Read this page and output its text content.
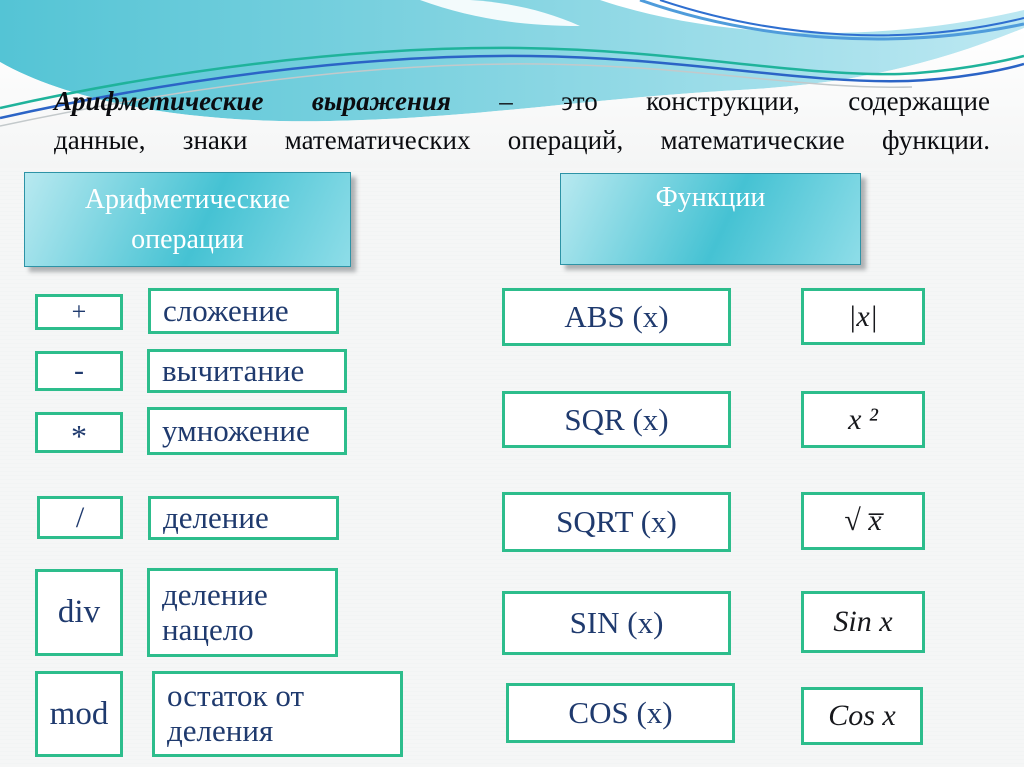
Арифметические выражения – это конструкции, содержащие
данные, знаки математических операций, математические функции.
Арифметические операции
Функции
+	сложение
-	вычитание
*	умножение
/	деление
div	деление нацело
mod	остаток от деления
ABS (x)	|x|
SQR (x)	x ²
SQRT (x)	√ x̅
SIN (x)	Sin x
COS (x)	Cos x
